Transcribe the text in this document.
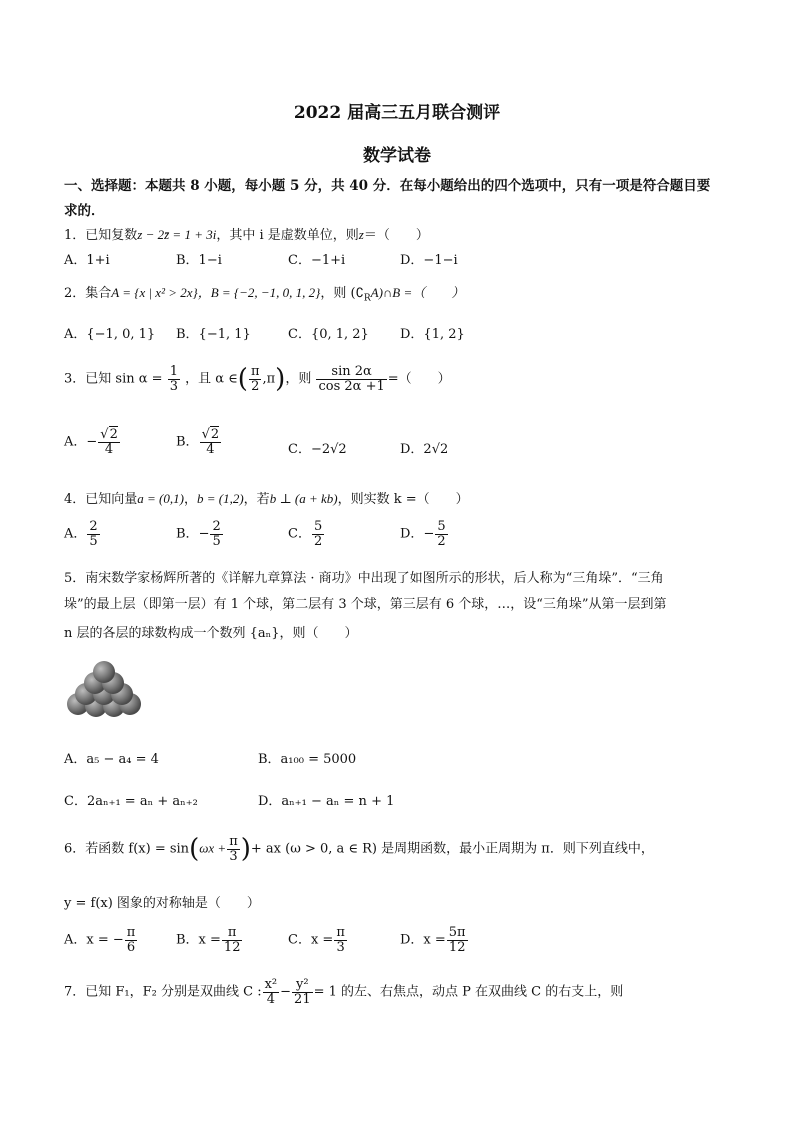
2022 届高三五月联合测评
数学试卷
一、选择题：本题共 8 小题，每小题 5 分，共 40 分．在每小题给出的四个选项中，只有一项是符合题目要
求的．
1．已知复数z − 2z̄ = 1 + 3i，其中 i 是虚数单位，则z＝（　　）
A．1+i	B．1−i	C．−1+i	D．−1−i
2．集合A = {x | x² > 2x}，B = {−2, −1, 0, 1, 2}，则 $(∁_RA)\cap B$ =（　　）
A．{−1, 0, 1} B．{−1, 1}	C．{0, 1, 2} D．{1, 2}
3．已知 $\sin \alpha = \frac{1}{3}$ ，且 α ∈( $\frac{\pi}{2} ,\pi$)，则 $\frac{\sin 2\alpha}{\cos 2\alpha +1}$ =（　　）
A．− $\frac{√2}{4}$	B． $\frac{√2}{4}$	C．−2√2	D．2√2
4．已知向量a = (0,1)，b = (1,2)，若b ⊥ (a + kb)，则实数 k =（　　）
A． $\frac{2}{5}$	B．− $\frac{2}{5}$	C． $\frac{5}{2}$	D．− $\frac{5}{2}$
5．南宋数学家杨辉所著的《详解九章算法 · 商功》中出现了如图所示的形状，后人称为“三角垛”．“三角
垛”的最上层（即第一层）有 1 个球，第二层有 3 个球，第三层有 6 个球，…，设“三角垛”从第一层到第
n 层的各层的球数构成一个数列 {aₙ}，则（　　）
A．a₅ − a₄ = 4	B．a₁₀₀ = 5000
C．2aₙ₊₁ = aₙ + aₙ₊₂	D．aₙ₊₁ − aₙ = n + 1
6．若函数 $f(x) = \sin(\omega x + \frac{\pi}{3}$ )+ ax (ω > 0, a ∈ R) 是周期函数，最小正周期为 π．则下列直线中，
y = f(x) 图象的对称轴是（　　）
A．x = − $\frac{\pi}{6}$	B．$x = \frac{\pi}{12}$	C．$x = \frac{\pi}{3}$	D．$x = \frac{5\pi}{12}$
7．已知 F₁，F₂ 分别是双曲线 C : $\frac{\text{x²}}{4} - \frac{\text{y²}}{21} = 1$ 的左、右焦点，动点 P 在双曲线 C 的右支上，则
